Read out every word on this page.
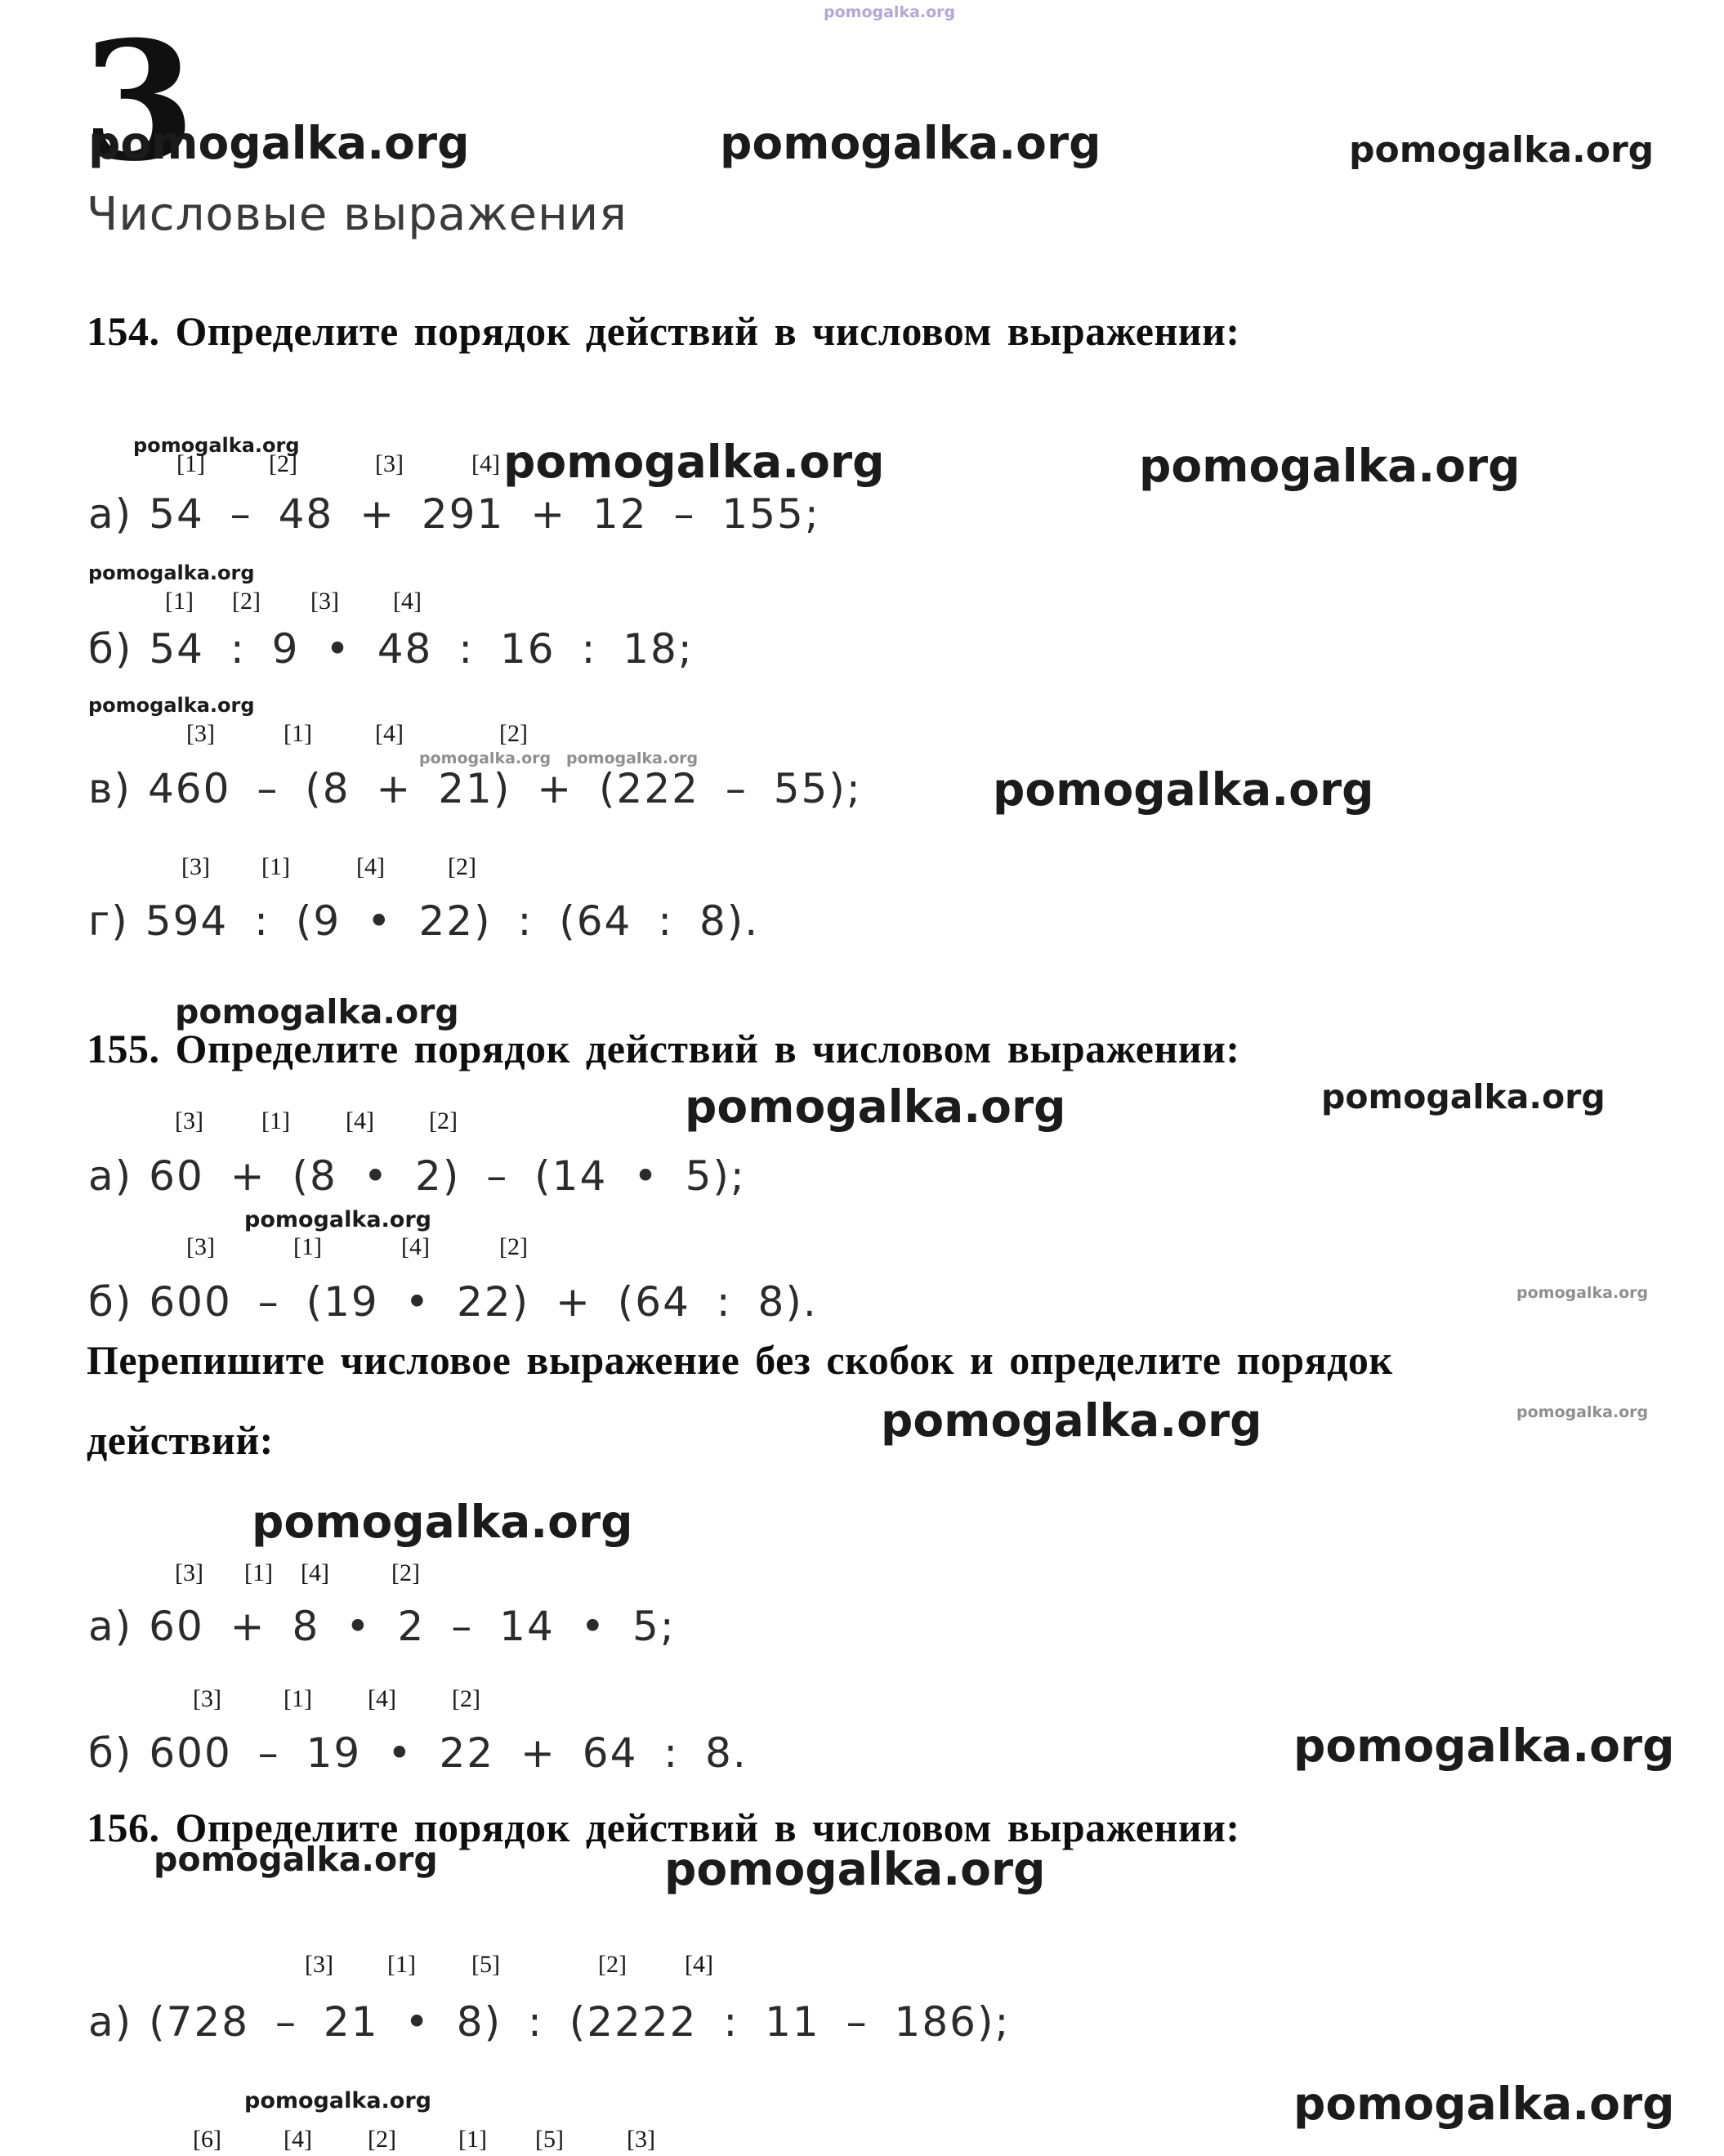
3	pomogalka.org
pomogalka.org	pomogalka.org	pomogalka.org
pomogalka.org	pomogalka.org	pomogalka.org
pomogalka.org
pomogalka.org
pomogalka.org pomogalka.org
pomogalka.org
pomogalka.org
pomogalka.org	pomogalka.org
pomogalka.org
pomogalka.org
pomogalka.org	pomogalka.org
pomogalka.org
pomogalka.org
pomogalka.org	pomogalka.org
pomogalka.org
pomogalka.org
Числовые выражения
154. Определите порядок действий в числовом выражении:
[1]	[2]	[3]	[4]
а) 54 – 48 + 291 + 12 – 155;
[1] [2] [3] [4]
б) 54 : 9 • 48 : 16 : 18;
[3]	[1]	[4]	[2]
в) 460 – (8 + 21) + (222 – 55);
[3] [1]	[4]	[2]
г) 594 : (9 • 22) : (64 : 8).
155. Определите порядок действий в числовом выражении:
[3] [1] [4] [2]
а) 60 + (8 • 2) – (14 • 5);
[3]	[1]	[4]	[2]
б) 600 – (19 • 22) + (64 : 8).
Перепишите числовое выражение без скобок и определите порядок
действий:
[3] [1] [4]	[2]
а) 60 + 8 • 2 – 14 • 5;
[3]	[1] [4] [2]
б) 600 – 19 • 22 + 64 : 8.
156. Определите порядок действий в числовом выражении:
[3] [1] [5]	[2] [4]
а) (728 – 21 • 8) : (2222 : 11 – 186);
[6]	[4] [2]	[1] [5]	[3]
